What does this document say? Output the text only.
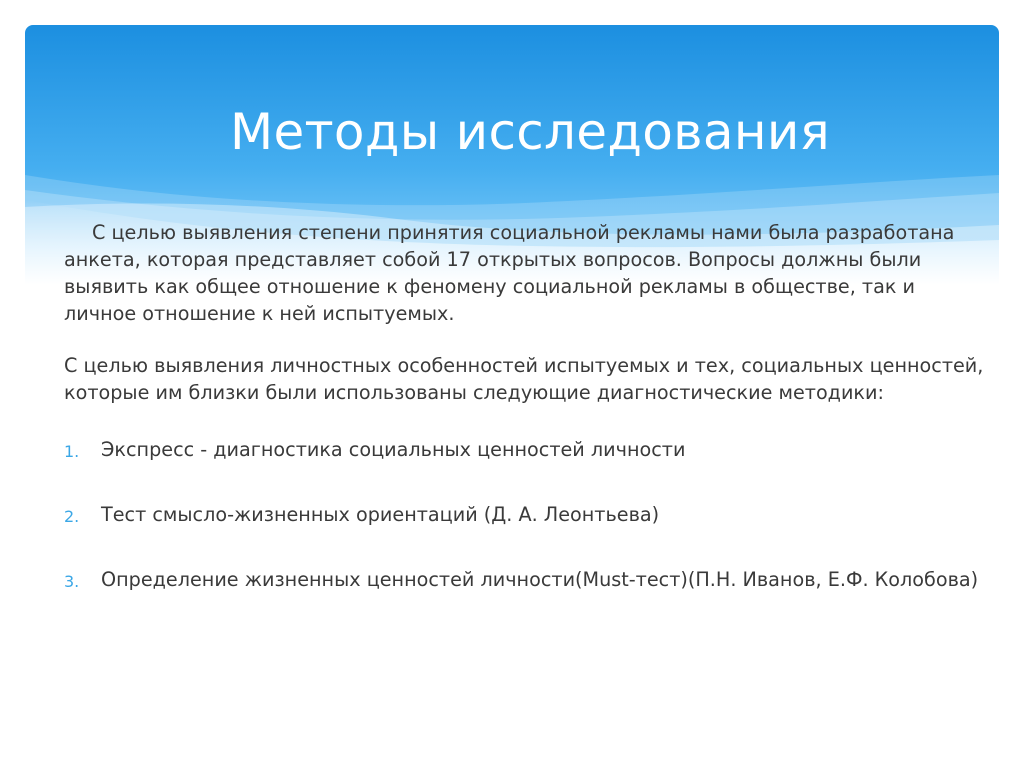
Методы исследования

С целью выявления степени принятия социальной рекламы нами была разработана анкета, которая представляет собой 17 открытых вопросов. Вопросы должны были выявить как общее отношение к феномену социальной рекламы в обществе, так и личное отношение к ней испытуемых.

С целью выявления личностных особенностей испытуемых и тех, социальных ценностей, которые им близки были использованы следующие диагностические методики:

1. Экспресс - диагностика социальных ценностей личности
2. Тест смысло-жизненных ориентаций (Д. А. Леонтьева)
3. Определение жизненных ценностей личности(Must-тест)(П.Н. Иванов, Е.Ф. Колобова)
